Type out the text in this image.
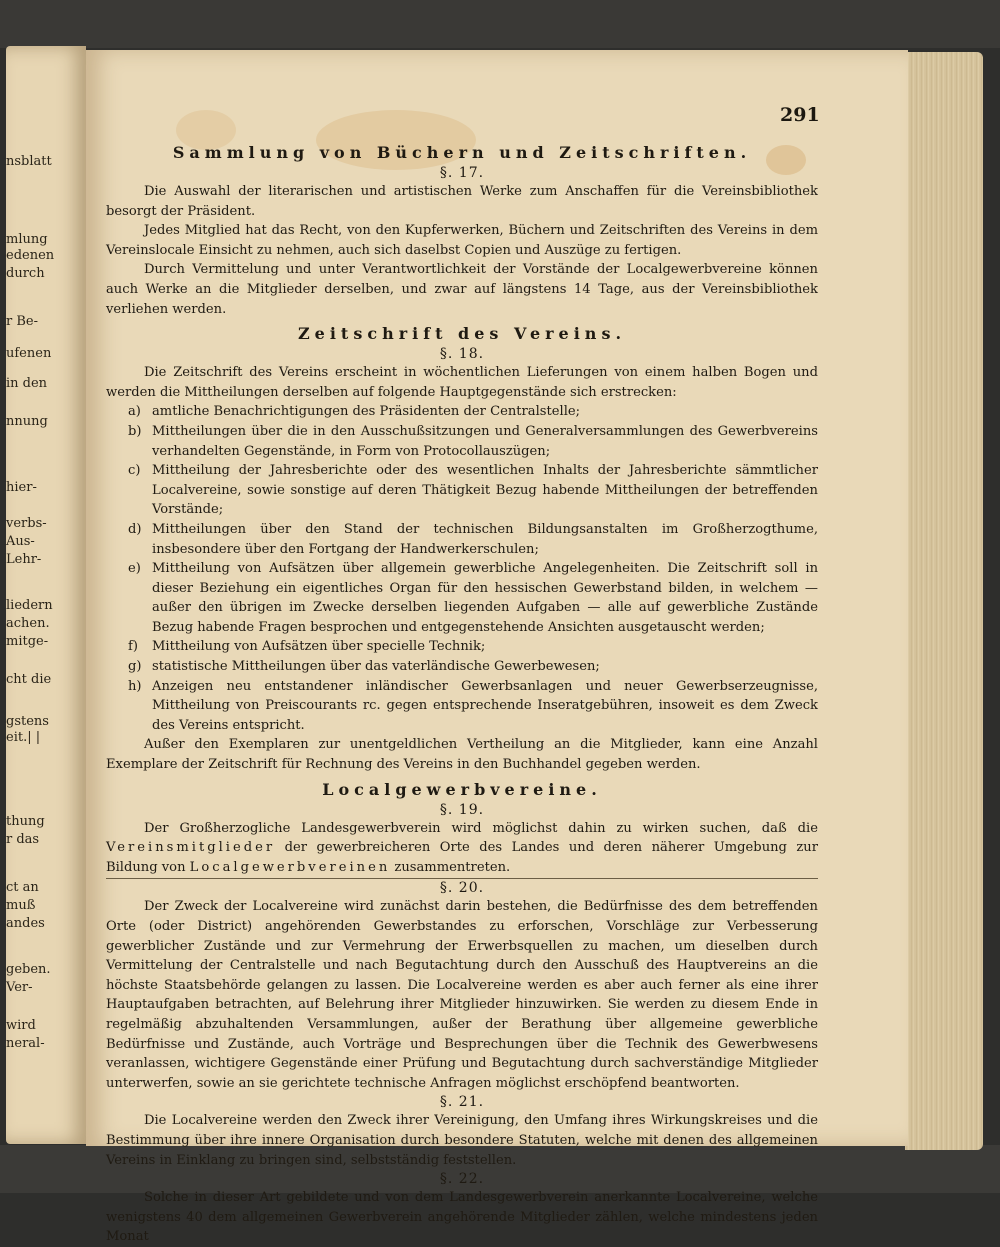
nsblatt
mlung
edenen
durch
r Be-
ufenen
in den
nnung
hier-
verbs-
Aus-
Lehr-
liedern
achen.
mitge-
cht die
gstens
eit.| |
thung
r das
ct an
muß
andes
geben.
Ver-
wird
neral-
291
Sammlung von Büchern und Zeitschriften.
§. 17.

Die Auswahl der literarischen und artistischen Werke zum Anschaffen für die Vereinsbibliothek besorgt der Präsident.

Jedes Mitglied hat das Recht, von den Kupferwerken, Büchern und Zeitschriften des Vereins in dem Vereinslocale Einsicht zu nehmen, auch sich daselbst Copien und Auszüge zu fertigen.

Durch Vermittelung und unter Verantwortlichkeit der Vorstände der Localgewerbvereine können auch Werke an die Mitglieder derselben, und zwar auf längstens 14 Tage, aus der Vereinsbibliothek verliehen werden.

Zeitschrift des Vereins.
§. 18.

Die Zeitschrift des Vereins erscheint in wöchentlichen Lieferungen von einem halben Bogen und werden die Mittheilungen derselben auf folgende Hauptgegenstände sich erstrecken:

a) amtliche Benachrichtigungen des Präsidenten der Centralstelle;
b) Mittheilungen über die in den Ausschußsitzungen und Generalversammlungen des Gewerbvereins verhandelten Gegenstände, in Form von Protocollauszügen;
c) Mittheilung der Jahresberichte oder des wesentlichen Inhalts der Jahresberichte sämmtlicher Localvereine, sowie sonstige auf deren Thätigkeit Bezug habende Mittheilungen der betreffenden Vorstände;
d) Mittheilungen über den Stand der technischen Bildungsanstalten im Großherzogthume, insbesondere über den Fortgang der Handwerkerschulen;
e) Mittheilung von Aufsätzen über allgemein gewerbliche Angelegenheiten. Die Zeitschrift soll in dieser Beziehung ein eigentliches Organ für den hessischen Gewerbstand bilden, in welchem — außer den übrigen im Zwecke derselben liegenden Aufgaben — alle auf gewerbliche Zustände Bezug habende Fragen besprochen und entgegenstehende Ansichten ausgetauscht werden;
f) Mittheilung von Aufsätzen über specielle Technik;
g) statistische Mittheilungen über das vaterländische Gewerbewesen;
h) Anzeigen neu entstandener inländischer Gewerbsanlagen und neuer Gewerbserzeugnisse, Mittheilung von Preiscourants rc. gegen entsprechende Inseratgebühren, insoweit es dem Zweck des Vereins entspricht.

Außer den Exemplaren zur unentgeldlichen Vertheilung an die Mitglieder, kann eine Anzahl Exemplare der Zeitschrift für Rechnung des Vereins in den Buchhandel gegeben werden.

Localgewerbvereine.
§. 19.

Der Großherzogliche Landesgewerbverein wird möglichst dahin zu wirken suchen, daß die Vereinsmitglieder der gewerbreicheren Orte des Landes und deren näherer Umgebung zur Bildung von Localgewerbvereinen zusammentreten.

§. 20.

Der Zweck der Localvereine wird zunächst darin bestehen, die Bedürfnisse des dem betreffenden Orte (oder District) angehörenden Gewerbstandes zu erforschen, Vorschläge zur Verbesserung gewerblicher Zustände und zur Vermehrung der Erwerbsquellen zu machen, um dieselben durch Vermittelung der Centralstelle und nach Begutachtung durch den Ausschuß des Hauptvereins an die höchste Staatsbehörde gelangen zu lassen. Die Localvereine werden es aber auch ferner als eine ihrer Hauptaufgaben betrachten, auf Belehrung ihrer Mitglieder hinzuwirken. Sie werden zu diesem Ende in regelmäßig abzuhaltenden Versammlungen, außer der Berathung über allgemeine gewerbliche Bedürfnisse und Zustände, auch Vorträge und Besprechungen über die Technik des Gewerbwesens veranlassen, wichtigere Gegenstände einer Prüfung und Begutachtung durch sachverständige Mitglieder unterwerfen, sowie an sie gerichtete technische Anfragen möglichst erschöpfend beantworten.

§. 21.

Die Localvereine werden den Zweck ihrer Vereinigung, den Umfang ihres Wirkungskreises und die Bestimmung über ihre innere Organisation durch besondere Statuten, welche mit denen des allgemeinen Vereins in Einklang zu bringen sind, selbstständig feststellen.

§. 22.

Solche in dieser Art gebildete und von dem Landesgewerbverein anerkannte Localvereine, welche wenigstens 40 dem allgemeinen Gewerbverein angehörende Mitglieder zählen, welche mindestens jeden Monat
